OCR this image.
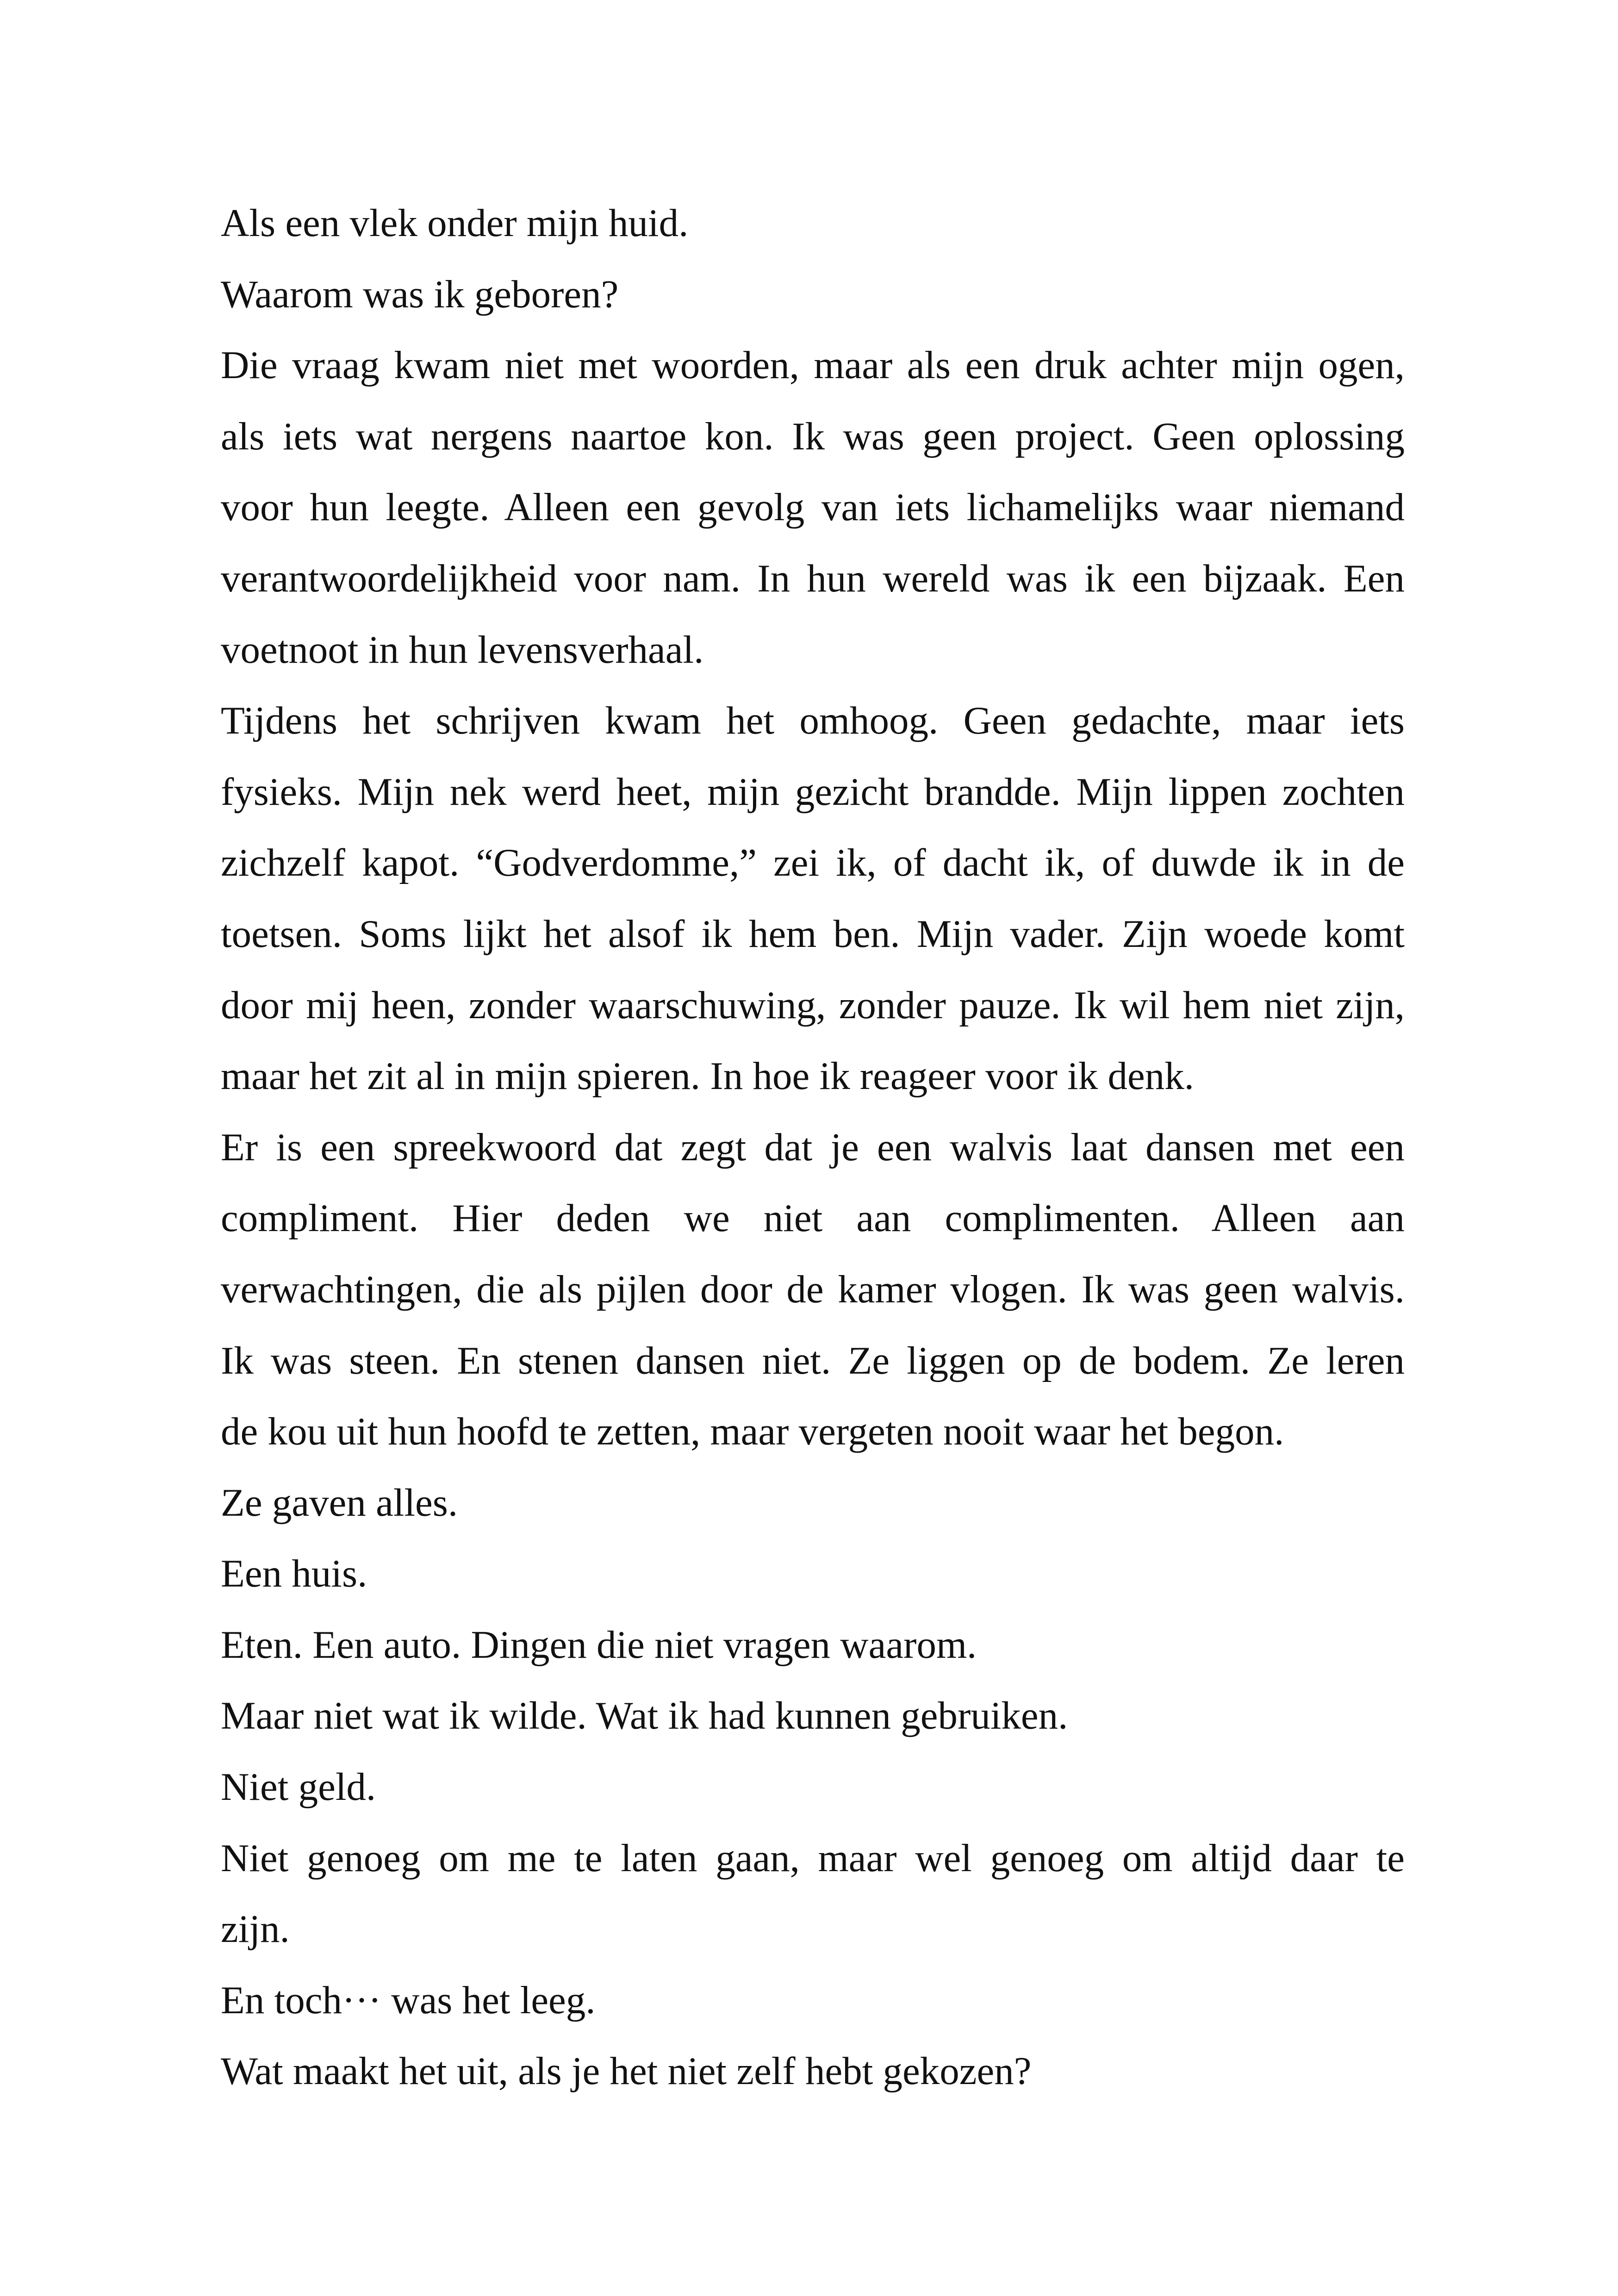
Als een vlek onder mijn huid.
Waarom was ik geboren?
Die vraag kwam niet met woorden, maar als een druk achter mijn ogen,
als iets wat nergens naartoe kon. Ik was geen project. Geen oplossing
voor hun leegte. Alleen een gevolg van iets lichamelijks waar niemand
verantwoordelijkheid voor nam. In hun wereld was ik een bijzaak. Een
voetnoot in hun levensverhaal.
Tijdens het schrijven kwam het omhoog. Geen gedachte, maar iets
fysieks. Mijn nek werd heet, mijn gezicht brandde. Mijn lippen zochten
zichzelf kapot. “Godverdomme,” zei ik, of dacht ik, of duwde ik in de
toetsen. Soms lijkt het alsof ik hem ben. Mijn vader. Zijn woede komt
door mij heen, zonder waarschuwing, zonder pauze. Ik wil hem niet zijn,
maar het zit al in mijn spieren. In hoe ik reageer voor ik denk.
Er is een spreekwoord dat zegt dat je een walvis laat dansen met een
compliment. Hier deden we niet aan complimenten. Alleen aan
verwachtingen, die als pijlen door de kamer vlogen. Ik was geen walvis.
Ik was steen. En stenen dansen niet. Ze liggen op de bodem. Ze leren
de kou uit hun hoofd te zetten, maar vergeten nooit waar het begon.
Ze gaven alles.
Een huis.
Eten. Een auto. Dingen die niet vragen waarom.
Maar niet wat ik wilde. Wat ik had kunnen gebruiken.
Niet geld.
Niet genoeg om me te laten gaan, maar wel genoeg om altijd daar te
zijn.
En toch··· was het leeg.
Wat maakt het uit, als je het niet zelf hebt gekozen?
